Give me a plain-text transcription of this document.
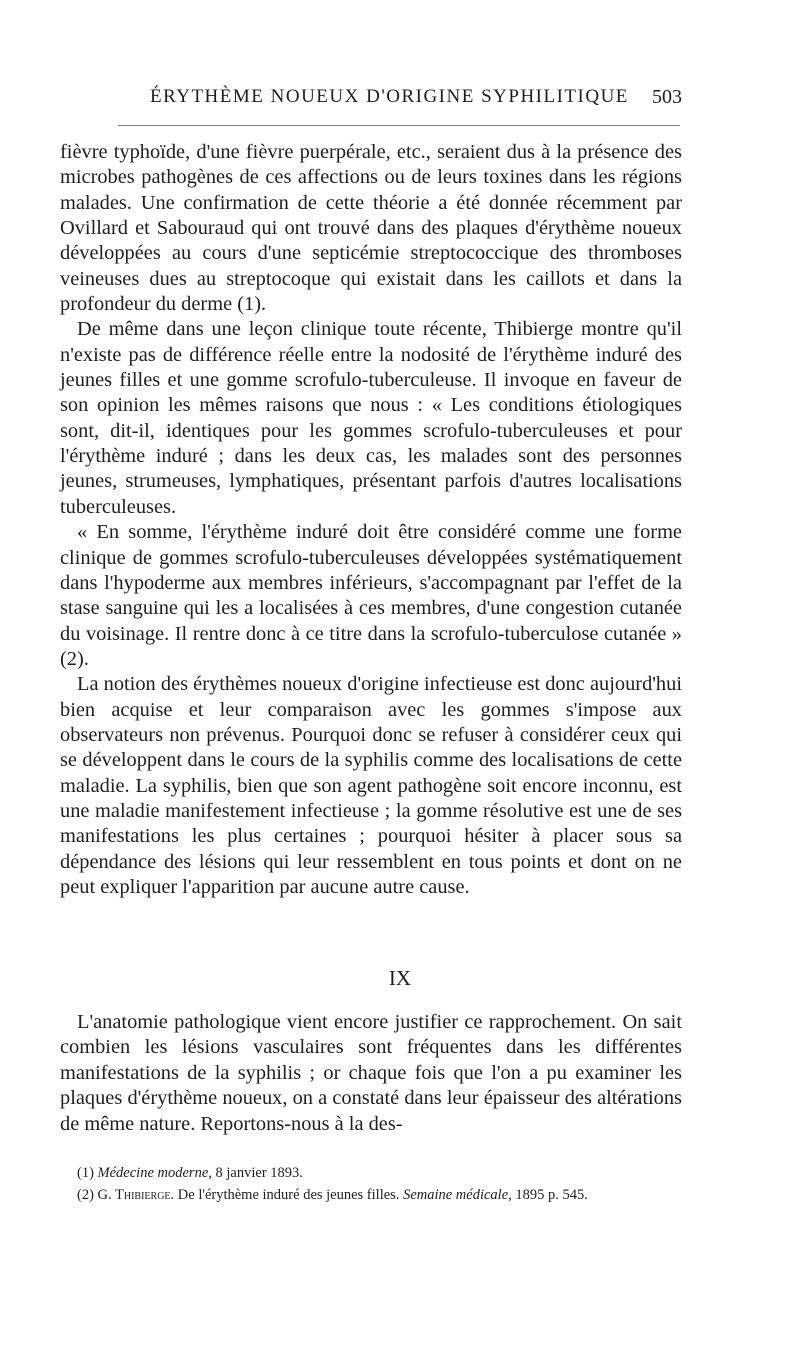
ÉRYTHÈME NOUEUX D'ORIGINE SYPHILITIQUE 503

fièvre typhoïde, d'une fièvre puerpérale, etc., seraient dus à la présence des microbes pathogènes de ces affections ou de leurs toxines dans les régions malades. Une confirmation de cette théorie a été donnée récemment par Ovillard et Sabouraud qui ont trouvé dans des plaques d'érythème noueux développées au cours d'une septicémie streptococcique des thromboses veineuses dues au streptocoque qui existait dans les caillots et dans la profondeur du derme (1).

De même dans une leçon clinique toute récente, Thibierge montre qu'il n'existe pas de différence réelle entre la nodosité de l'érythème induré des jeunes filles et une gomme scrofulo-tuberculeuse. Il invoque en faveur de son opinion les mêmes raisons que nous : « Les conditions étiologiques sont, dit-il, identiques pour les gommes scrofulo-tuberculeuses et pour l'érythème induré ; dans les deux cas, les malades sont des personnes jeunes, strumeuses, lymphatiques, présentant parfois d'autres localisations tuberculeuses.

« En somme, l'érythème induré doit être considéré comme une forme clinique de gommes scrofulo-tuberculeuses développées systématiquement dans l'hypoderme aux membres inférieurs, s'accompagnant par l'effet de la stase sanguine qui les a localisées à ces membres, d'une congestion cutanée du voisinage. Il rentre donc à ce titre dans la scrofulo-tuberculose cutanée » (2).

La notion des érythèmes noueux d'origine infectieuse est donc aujourd'hui bien acquise et leur comparaison avec les gommes s'impose aux observateurs non prévenus. Pourquoi donc se refuser à considérer ceux qui se développent dans le cours de la syphilis comme des localisations de cette maladie. La syphilis, bien que son agent pathogène soit encore inconnu, est une maladie manifestement infectieuse ; la gomme résolutive est une de ses manifestations les plus certaines ; pourquoi hésiter à placer sous sa dépendance des lésions qui leur ressemblent en tous points et dont on ne peut expliquer l'apparition par aucune autre cause.

IX

L'anatomie pathologique vient encore justifier ce rapprochement. On sait combien les lésions vasculaires sont fréquentes dans les différentes manifestations de la syphilis ; or chaque fois que l'on a pu examiner les plaques d'érythème noueux, on a constaté dans leur épaisseur des altérations de même nature. Reportons-nous à la des-

(1) Médecine moderne, 8 janvier 1893.

(2) G. Thibierge. De l'érythème induré des jeunes filles. Semaine médicale, 1895 p. 545.
